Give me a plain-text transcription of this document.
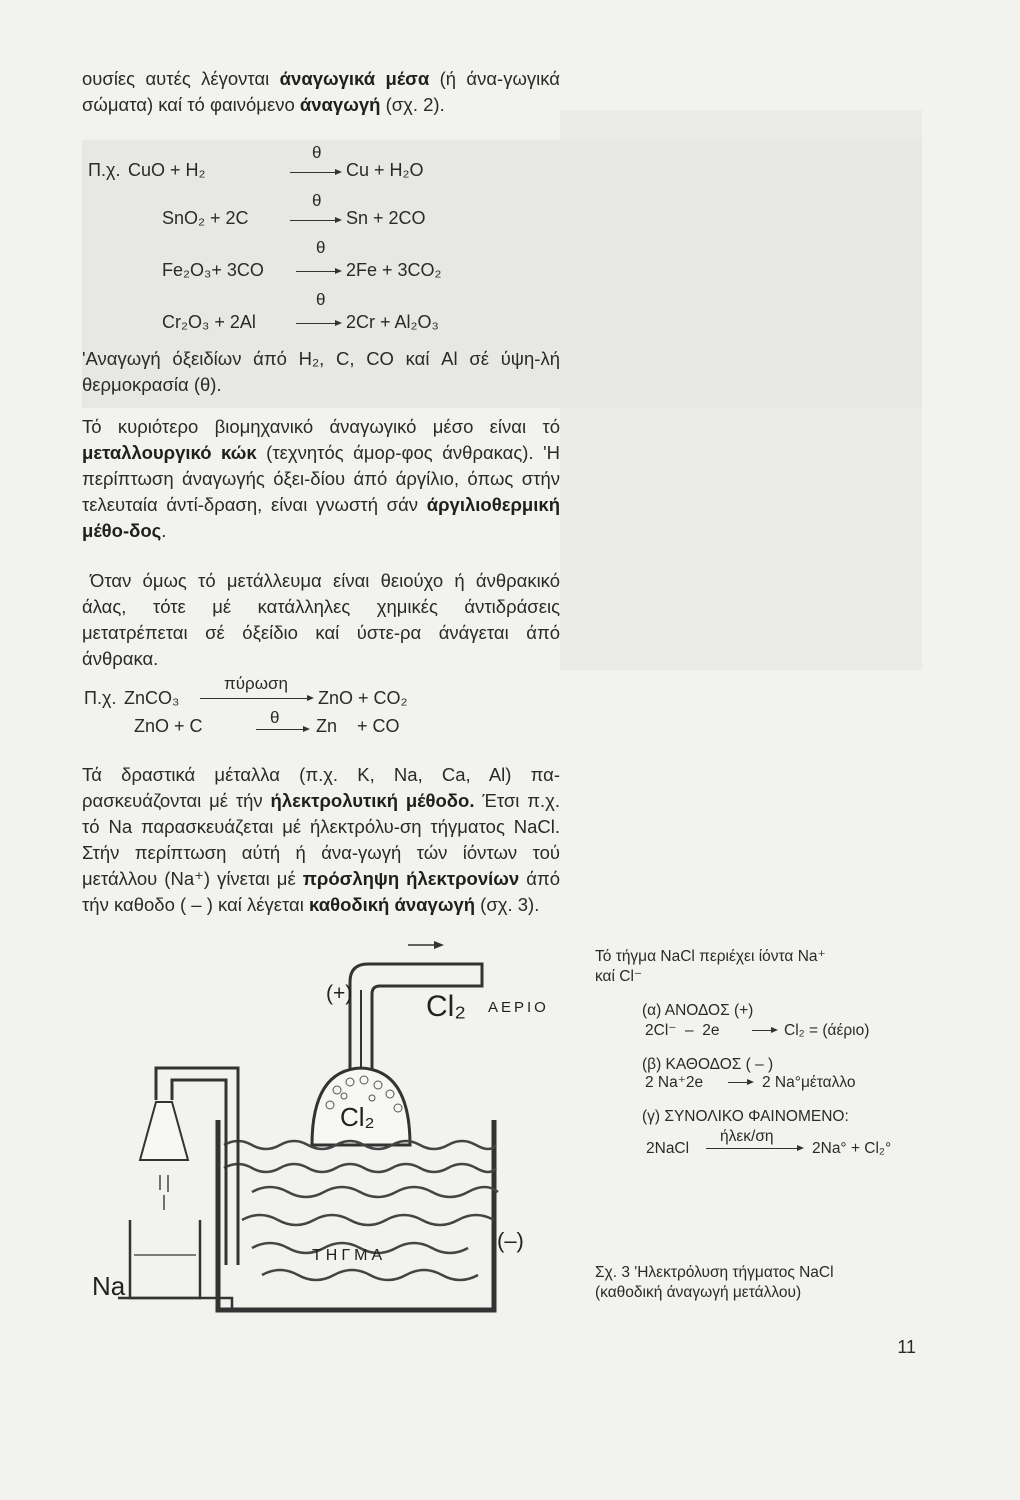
ουσίες αυτές λέγονται άναγωγικά μέσα (ή άνα-γωγικά σώματα) καί τό φαινόμενο άναγωγή (σχ. 2).

Π.χ. CuO + H₂
θ
→ Cu + H₂O
SnO₂ + 2C
θ
→ Sn + 2CO
Fe₂O₃+ 3CO
θ
→ 2Fe + 3CO₂
Cr₂O₃ + 2Al
θ
→ 2Cr + Al₂O₃

'Αναγωγή όξειδίων άπό H₂, C, CO καί Al σέ ύψη-λή θερμοκρασία (θ).

Τό κυριότερο βιομηχανικό άναγωγικό μέσο είναι τό μεταλλουργικό κώκ (τεχνητός άμορ-φος άνθρακας). 'Η περίπτωση άναγωγής όξει-δίου άπό άργίλιο, όπως στήν τελευταία άντί-δραση, είναι γνωστή σάν άργιλιοθερμική μέθο-δος.

Όταν όμως τό μετάλλευμα είναι θειούχο ή άνθρακικό άλας, τότε μέ κατάλληλες χημικές άντιδράσεις μετατρέπεται σέ όξείδιο καί ύστε-ρα άνάγεται άπό άνθρακα.

Π.χ. ZnCO₃
πύρωση
ZnO + CO₂
ZnO + C	θ → Zn    + CO

Τά δραστικά μέταλλα (π.χ. K, Na, Ca, Al) πα-ρασκευάζονται μέ τήν ήλεκτρολυτική μέθοδο. Έτσι π.χ. τό Na παρασκευάζεται μέ ήλεκτρόλυ-ση τήγματος NaCl. Στήν περίπτωση αύτή ή άνα-γωγή τών ίόντων τού μετάλλου (Na⁺) γίνεται μέ πρόσληψη ήλεκτρονίων άπό τήν καθοδο ( – ) καί λέγεται καθοδική άναγωγή (σχ. 3).

(+)
(–)
Cl₂ ΑΕΡΙΟ
Cl₂
ΤΗΓΜΑ
Na
Τό τήγμα NaCl περιέχει ίόντα Na⁺
καί Cl⁻
(α) ΑΝΟΔΟΣ (+)
2Cl⁻  –  2e → Cl₂ = (άέριο)
(β) ΚΑΘΟΔΟΣ ( – )
2 Na⁺2e → 2 Na°μέταλλο
(γ) ΣΥΝΟΛΙΚΟ ΦΑΙΝΟΜΕΝΟ:
2NaCl
ήλεκ/ση
2Na° + Cl₂°
Σχ. 3 'Ηλεκτρόλυση τήγματος NaCl
(καθοδική άναγωγή μετάλλου)
11
